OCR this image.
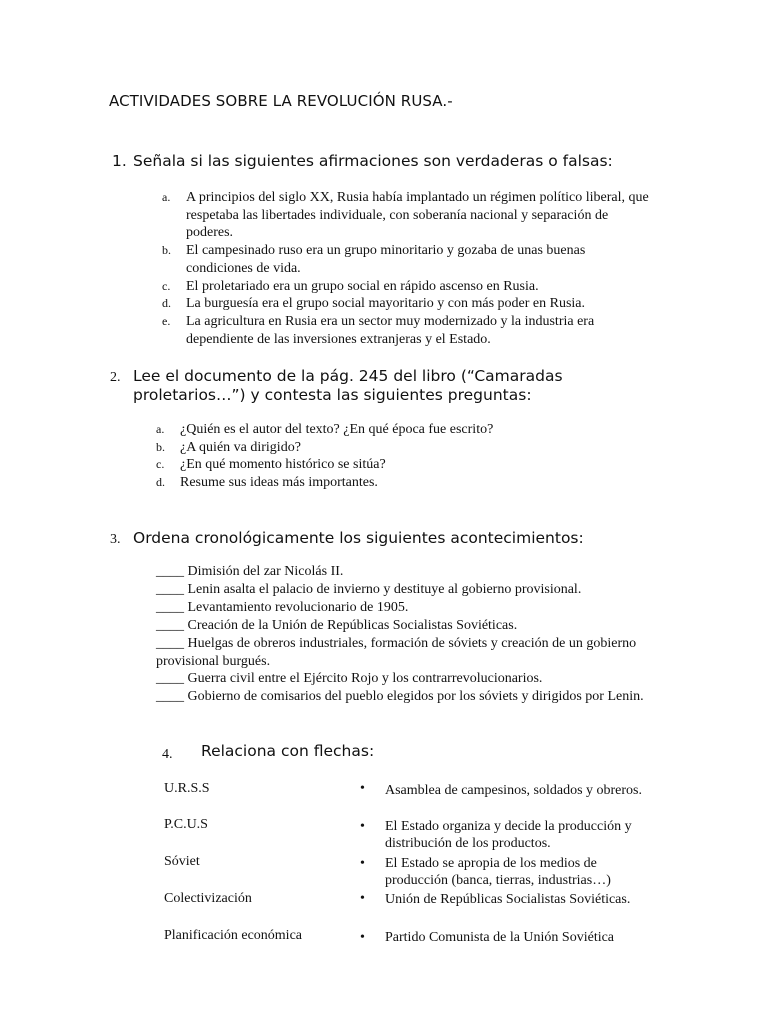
ACTIVIDADES SOBRE LA REVOLUCIÓN RUSA.-
1. Señala si las siguientes afirmaciones son verdaderas o falsas:
a.	A principios del siglo XX, Rusia había implantado un régimen político liberal, que respetaba las libertades individuale, con soberanía nacional y separación de poderes.
b.	El campesinado ruso era un grupo minoritario y gozaba de unas buenas condiciones de vida.
c.	El proletariado era un grupo social en rápido ascenso en Rusia.
d.	La burguesía era el grupo social mayoritario y con más poder en Rusia.
e.	La agricultura en Rusia era un sector muy modernizado y la industria era dependiente de las inversiones extranjeras y el Estado.
2. Lee el documento de la pág. 245 del libro (“Camaradas
proletarios…”) y contesta las siguientes preguntas:
a.	¿Quién es el autor del texto? ¿En qué época fue escrito?
b.	¿A quién va dirigido?
c.	¿En qué momento histórico se sitúa?
d.	Resume sus ideas más importantes.
3. Ordena cronológicamente los siguientes acontecimientos:
____ Dimisión del zar Nicolás II.
____ Lenin asalta el palacio de invierno y destituye al gobierno provisional.
____ Levantamiento revolucionario de 1905.
____ Creación de la Unión de Repúblicas Socialistas Soviéticas.
____ Huelgas de obreros industriales, formación de sóviets y creación de un gobierno provisional burgués.
____ Guerra civil entre el Ejército Rojo y los contrarrevolucionarios.
____ Gobierno de comisarios del pueblo elegidos por los sóviets y dirigidos por Lenin.
4. Relaciona con flechas:
U.R.S.S	• Asamblea de campesinos, soldados y obreros.
P.C.U.S	• El Estado organiza y decide la producción y distribución de los productos.
Sóviet	• El Estado se apropia de los medios de producción (banca, tierras, industrias…)
Colectivización	• Unión de Repúblicas Socialistas Soviéticas.
Planificación económica	• Partido Comunista de la Unión Soviética
